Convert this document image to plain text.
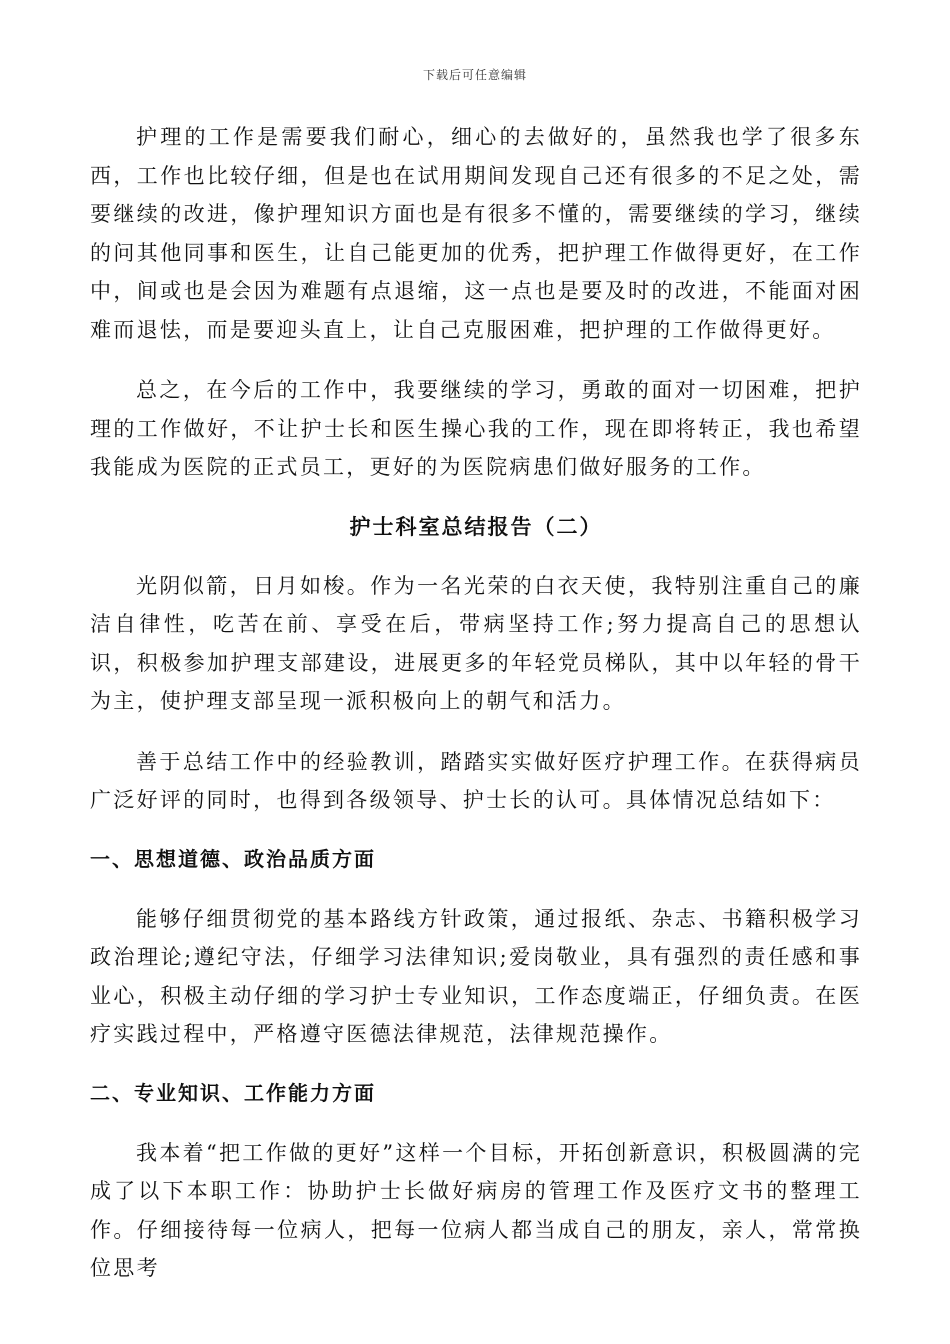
下载后可任意编辑

护理的工作是需要我们耐心，细心的去做好的，虽然我也学了很多东西，工作也比较仔细，但是也在试用期间发现自己还有很多的不足之处，需要继续的改进，像护理知识方面也是有很多不懂的，需要继续的学习，继续的问其他同事和医生，让自己能更加的优秀，把护理工作做得更好，在工作中，间或也是会因为难题有点退缩，这一点也是要及时的改进，不能面对困难而退怯，而是要迎头直上，让自己克服困难，把护理的工作做得更好。

总之，在今后的工作中，我要继续的学习，勇敢的面对一切困难，把护理的工作做好，不让护士长和医生操心我的工作，现在即将转正，我也希望我能成为医院的正式员工，更好的为医院病患们做好服务的工作。

护士科室总结报告（二）

光阴似箭，日月如梭。作为一名光荣的白衣天使，我特别注重自己的廉洁自律性，吃苦在前、享受在后，带病坚持工作;努力提高自己的思想认识，积极参加护理支部建设，进展更多的年轻党员梯队，其中以年轻的骨干为主，使护理支部呈现一派积极向上的朝气和活力。

善于总结工作中的经验教训，踏踏实实做好医疗护理工作。在获得病员广泛好评的同时，也得到各级领导、护士长的认可。具体情况总结如下：

一、思想道德、政治品质方面

能够仔细贯彻党的基本路线方针政策，通过报纸、杂志、书籍积极学习政治理论;遵纪守法，仔细学习法律知识;爱岗敬业，具有强烈的责任感和事业心，积极主动仔细的学习护士专业知识，工作态度端正，仔细负责。在医疗实践过程中，严格遵守医德法律规范，法律规范操作。

二、专业知识、工作能力方面

我本着“把工作做的更好”这样一个目标，开拓创新意识，积极圆满的完成了以下本职工作：协助护士长做好病房的管理工作及医疗文书的整理工作。仔细接待每一位病人，把每一位病人都当成自己的朋友，亲人，常常换位思考
